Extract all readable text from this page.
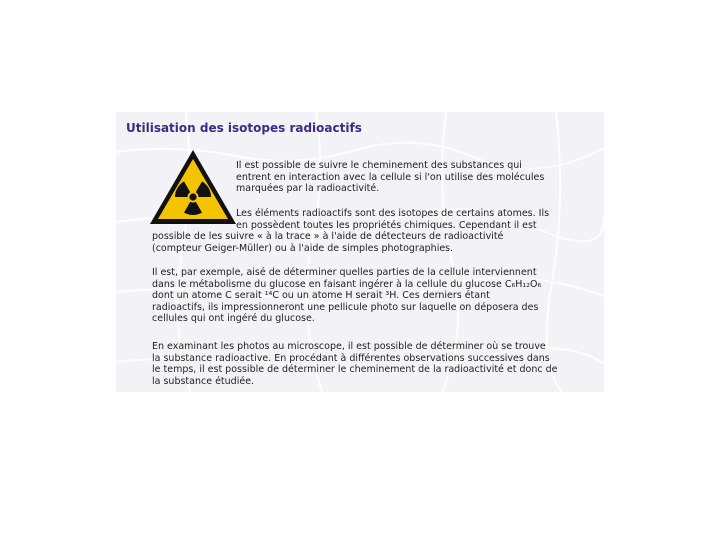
Utilisation des isotopes radioactifs
Il est possible de suivre le cheminement des substances qui
entrent en interaction avec la cellule si l'on utilise des molécules
marquées par la radioactivité.
Les éléments radioactifs sont des isotopes de certains atomes. Ils
en possèdent toutes les propriétés chimiques. Cependant il est
possible de les suivre « à la trace » à l'aide de détecteurs de radioactivité
(compteur Geiger-Müller) ou à l'aide de simples photographies.
Il est, par exemple, aisé de déterminer quelles parties de la cellule interviennent
dans le métabolisme du glucose en faisant ingérer à la cellule du glucose C₆H₁₂O₆
dont un atome C serait ¹⁴C ou un atome H serait ³H. Ces derniers étant
radioactifs, ils impressionneront une pellicule photo sur laquelle on déposera des
cellules qui ont ingéré du glucose.
En examinant les photos au microscope, il est possible de déterminer où se trouve
la substance radioactive. En procédant à différentes observations successives dans
le temps, il est possible de déterminer le cheminement de la radioactivité et donc de
la substance étudiée.
